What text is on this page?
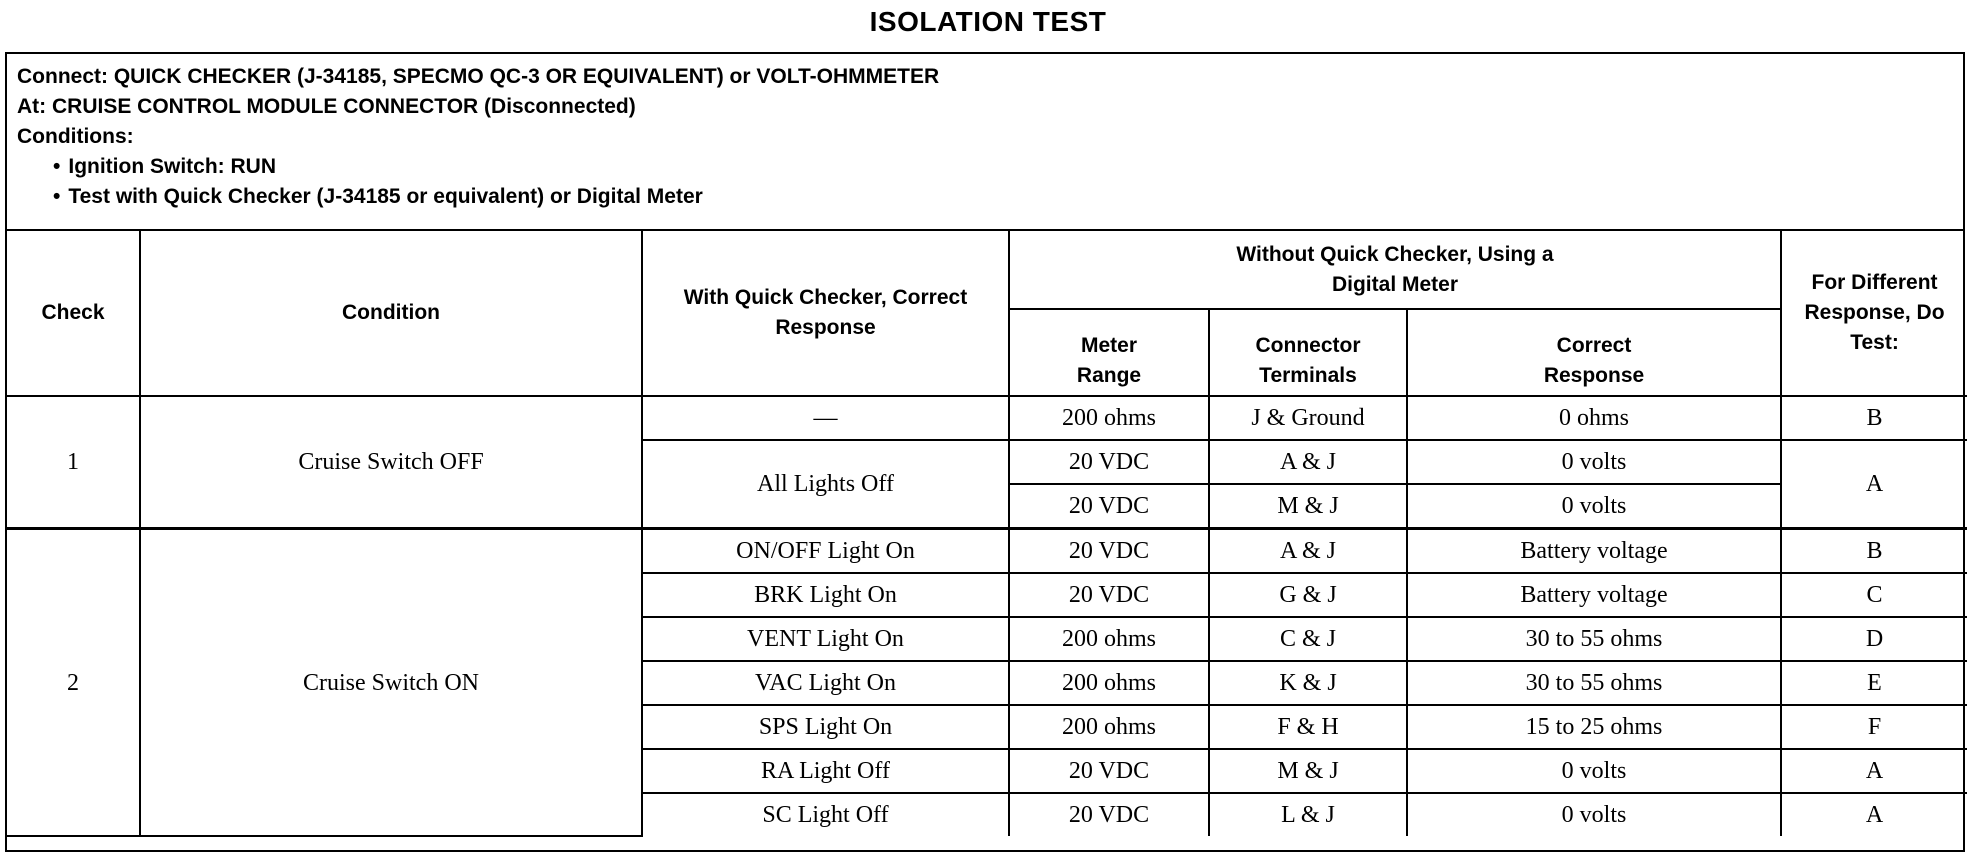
ISOLATION TEST
Connect: QUICK CHECKER (J-34185, SPECMO QC-3 OR EQUIVALENT) or VOLT-OHMMETER
At: CRUISE CONTROL MODULE CONNECTOR (Disconnected)
Conditions:
• Ignition Switch: RUN
• Test with Quick Checker (J-34185 or equivalent) or Digital Meter
Check	Condition	With Quick Checker, Correct Response	Without Quick Checker, Using a Digital Meter			For Different Response, Do Test:
			Meter Range	Connector Terminals	Correct Response	
1	Cruise Switch OFF	—	200 ohms	J & Ground	0 ohms	B
		All Lights Off	20 VDC	A & J	0 volts	A
			20 VDC	M & J	0 volts	
2	Cruise Switch ON	ON/OFF Light On	20 VDC	A & J	Battery voltage	B
		BRK Light On	20 VDC	G & J	Battery voltage	C
		VENT Light On	200 ohms	C & J	30 to 55 ohms	D
		VAC Light On	200 ohms	K & J	30 to 55 ohms	E
		SPS Light On	200 ohms	F & H	15 to 25 ohms	F
		RA Light Off	20 VDC	M & J	0 volts	A
		SC Light Off	20 VDC	L & J	0 volts	A
